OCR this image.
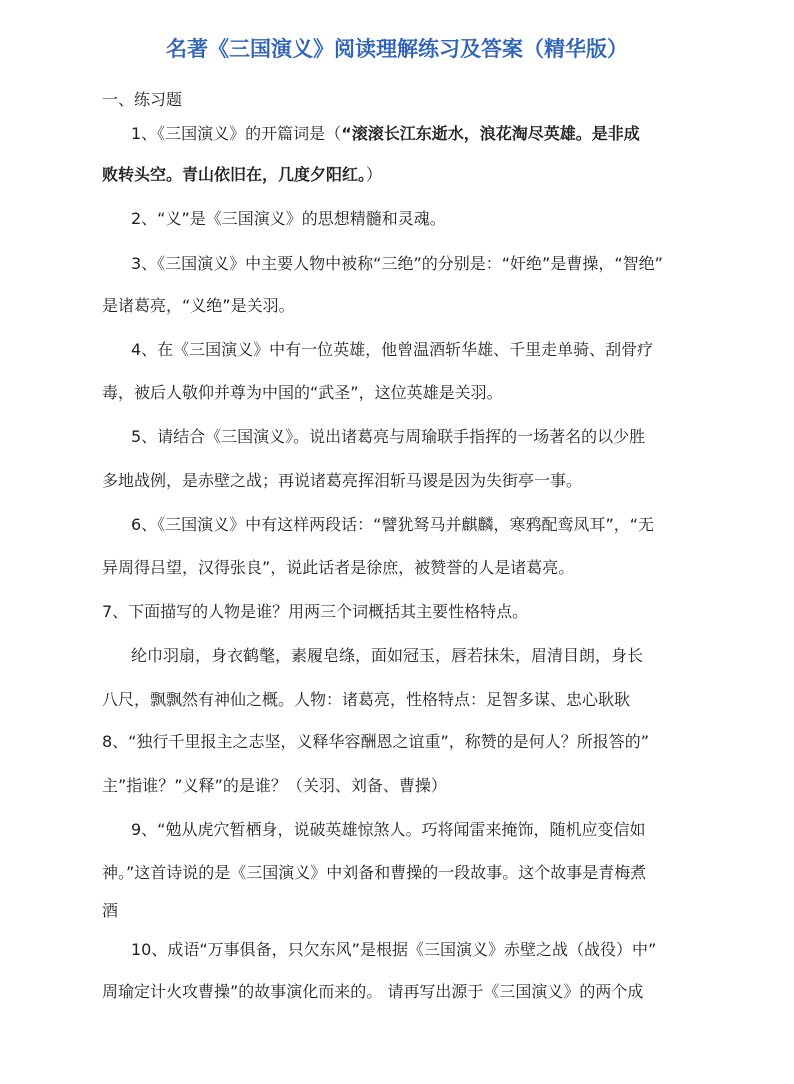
名著《三国演义》阅读理解练习及答案（精华版）
一、练习题
1、《三国演义》的开篇词是（“滚滚长江东逝水，浪花淘尽英雄。是非成
败转头空。青山依旧在，几度夕阳红。）
2、“义”是《三国演义》的思想精髓和灵魂。
3、《三国演义》中主要人物中被称“三绝”的分别是：“奸绝”是曹操，“智绝”
是诸葛亮，“义绝”是关羽。
4、在《三国演义》中有一位英雄，他曾温酒斩华雄、千里走单骑、刮骨疗
毒，被后人敬仰并尊为中国的“武圣”，这位英雄是关羽。
5、请结合《三国演义》。说出诸葛亮与周瑜联手指挥的一场著名的以少胜
多地战例，是赤壁之战；再说诸葛亮挥泪斩马谡是因为失街亭一事。
6、《三国演义》中有这样两段话：“譬犹驽马并麒麟，寒鸦配鸾凤耳”，“无
异周得吕望，汉得张良”，说此话者是徐庶，被赞誉的人是诸葛亮。
7、下面描写的人物是谁？用两三个词概括其主要性格特点。
纶巾羽扇，身衣鹤氅，素履皂绦，面如冠玉，唇若抹朱，眉清目朗，身长
八尺，飘飘然有神仙之概。人物：诸葛亮，性格特点：足智多谋、忠心耿耿
8、“独行千里报主之志坚，义释华容酬恩之谊重”，称赞的是何人？所报答的”
主”指谁？”义释”的是谁？（关羽、刘备、曹操）
9、“勉从虎穴暂栖身，说破英雄惊煞人。巧将闻雷来掩饰，随机应变信如
神。”这首诗说的是《三国演义》中刘备和曹操的一段故事。这个故事是青梅煮
酒
10、成语“万事俱备，只欠东风”是根据《三国演义》赤壁之战（战役）中”
周瑜定计火攻曹操”的故事演化而来的。 请再写出源于《三国演义》的两个成
